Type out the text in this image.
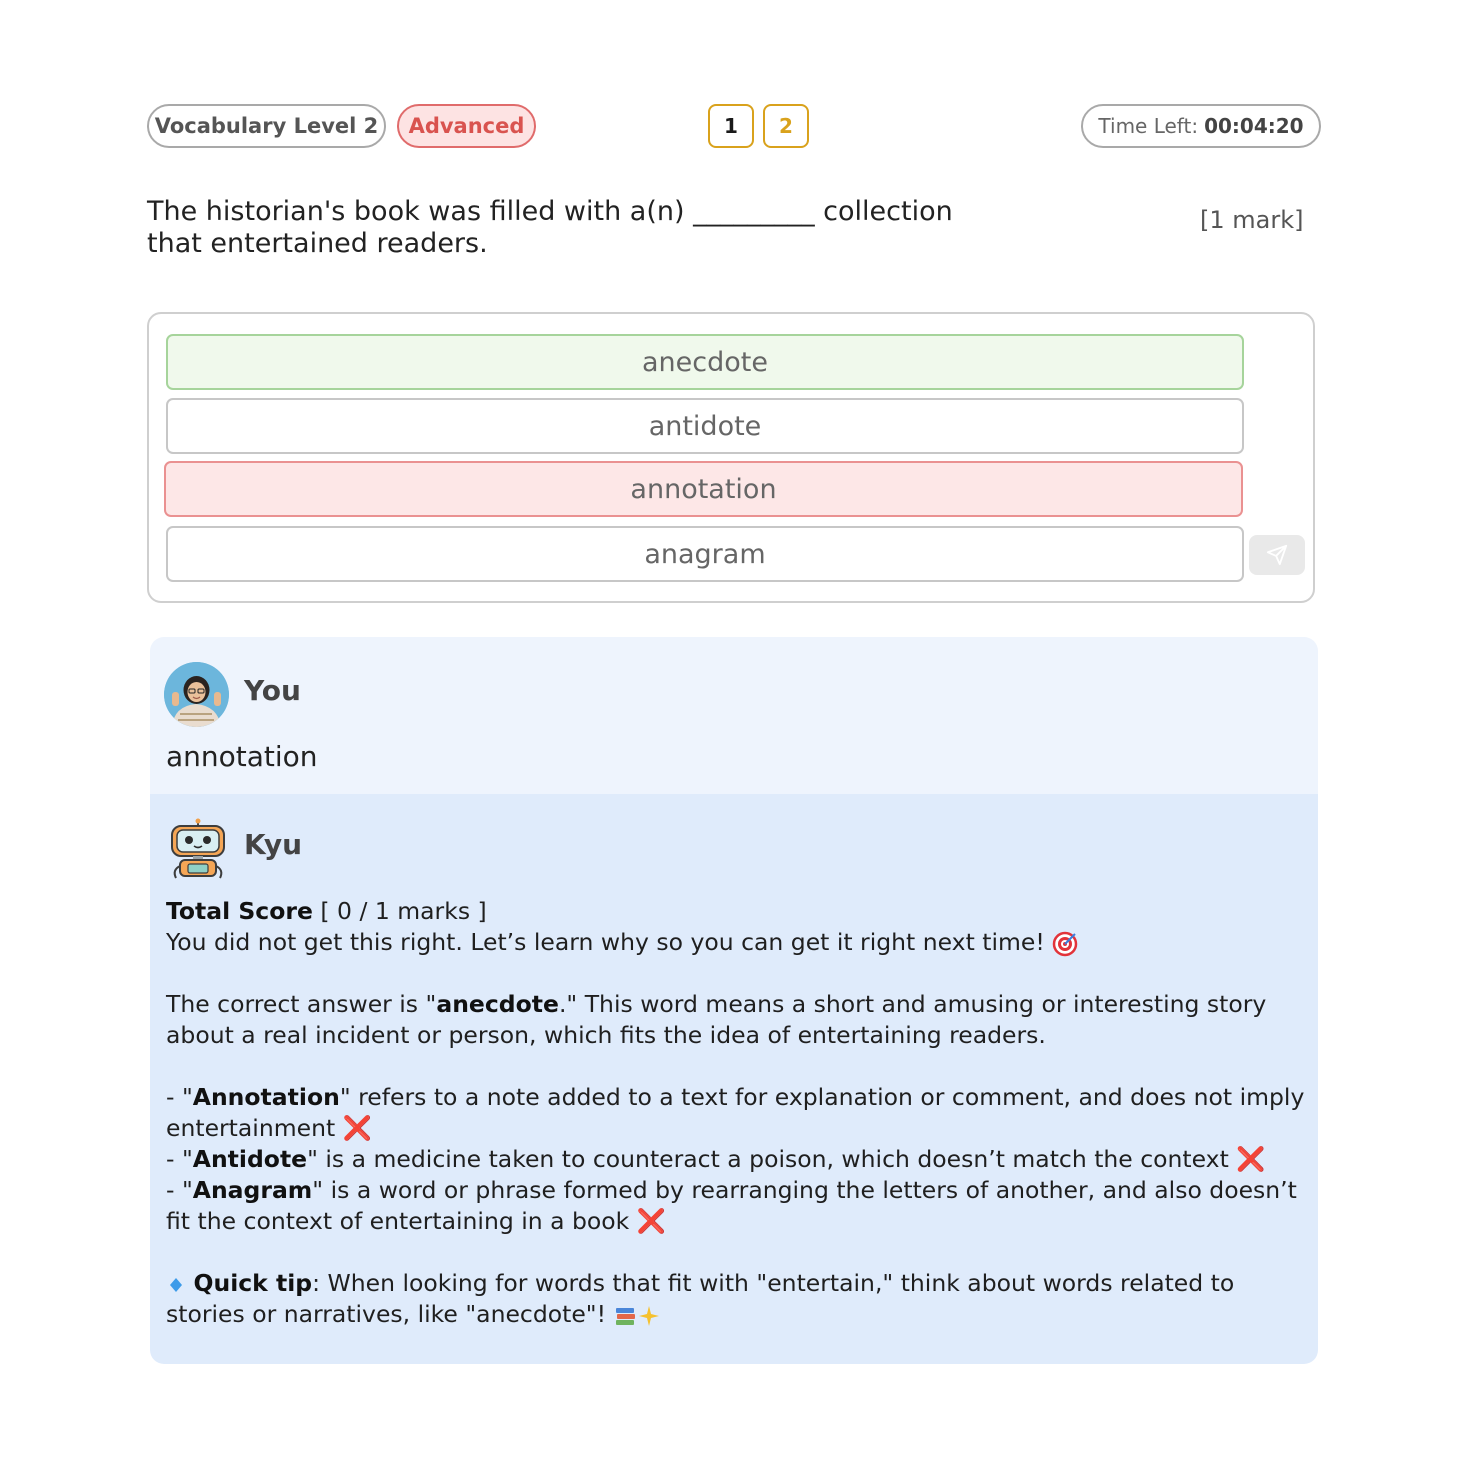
Vocabulary Level 2 Advanced	1 2	Time Left: 00:04:20
The historian's book was filled with a(n) _________ collection
that entertained readers.
[1 mark]
anecdote
antidote
annotation
anagram
You
annotation
Kyu

Total Score [ 0 / 1 marks ]

You did not get this right. Let’s learn why so you can get it right next time!

The correct answer is "anecdote." This word means a short and amusing or interesting story about a real incident or person, which fits the idea of entertaining readers.

- "Annotation" refers to a note added to a text for explanation or comment, and does not imply entertainment ❌

- "Antidote" is a medicine taken to counteract a poison, which doesn’t match the context ❌

- "Anagram" is a word or phrase formed by rearranging the letters of another, and also doesn’t fit the context of entertaining in a book ❌

Quick tip: When looking for words that fit with "entertain," think about words related to stories or narratives, like "anecdote"!
